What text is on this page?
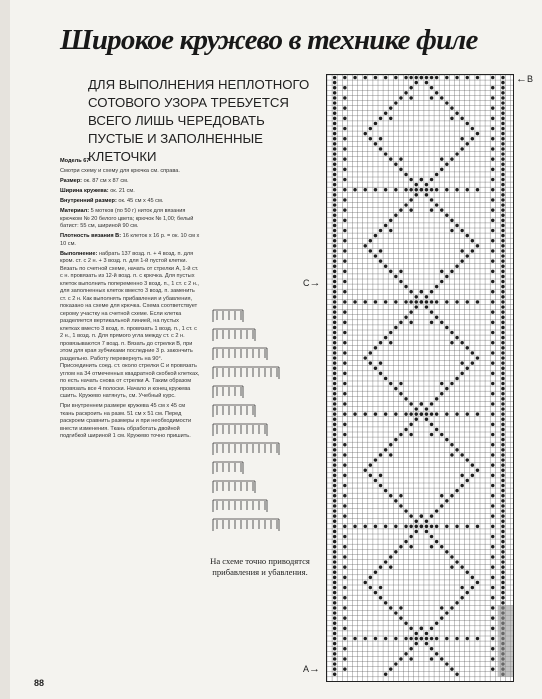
Широкое кружево в технике филе
ДЛЯ ВЫПОЛНЕНИЯ НЕПЛОТНОГО СОТОВОГО УЗОРА ТРЕБУЕТСЯ ВСЕГО ЛИШЬ ЧЕРЕДОВАТЬ ПУСТЫЕ И ЗАПОЛНЕННЫЕ КЛЕТОЧКИ

Модель 67

Смотри схему и схему для крючка см. справа.

Размер: ок. 87 см х 87 см.

Ширина кружева: ок. 21 см.

Внутренний размер: ок. 45 см х 45 см.

Материал: 5 мотков (по 50 г) ниток для вязания крючком № 20 белого цвета; крючок № 1,00; белый батист: 55 см, шириной 90 см.

Плотность вязания В: 16 клеток х 16 р. = ок. 10 см х 10 см.

Выполнение: набрать 137 возд. п. + 4 возд. п. для кром. ст. с 2 н. + 3 возд. п. для 1-й пустой клетки. Вязать по счетной схеме, начать от стрелки А, 1-й ст. с н. провязать из 12-й возд. п. с крючка. Для пустых клеток выполнить попеременно 3 возд. п., 1 ст. с 2 н., для заполненных клеток вместо 3 возд. п. заменить ст. с 2 н. Как выполнять прибавления и убавления, показано на схеме для крючка. Схема соответствует серому участку на счетной схеме. Если клетка разделяется вертикальной линией, на пустых клетках вместо 3 возд. п. провязать 1 возд. п., 1 ст. с 2 н., 1 возд. п. Для прямого угла между ст. с 2 н. провязываются 7 возд. п. Вязать до стрелки В, при этом для края зубчиками последние 3 р. закончить раздельно. Работу перевернуть на 90°. Присоединить соед. ст. около стрелки С и провязать углом на 34 отмеченных квадратной скобкой клетках, по есть начать снова от стрелки А. Таким образом провязать все 4 полоски. Начало и конец кружева сшить. Кружево натянуть, см. Учебный курс.

При внутреннем размере кружева 45 см х 45 см ткань раскроить на разм. 51 см х 51 см. Перед раскроем сравнить размеры и при необходимости внести изменения. Ткань обработать двойной подгибкой шириной 1 см. Кружево точно пришить.

←B
C→
A→
На схеме точно приводятся прибавления и убавления.
88
